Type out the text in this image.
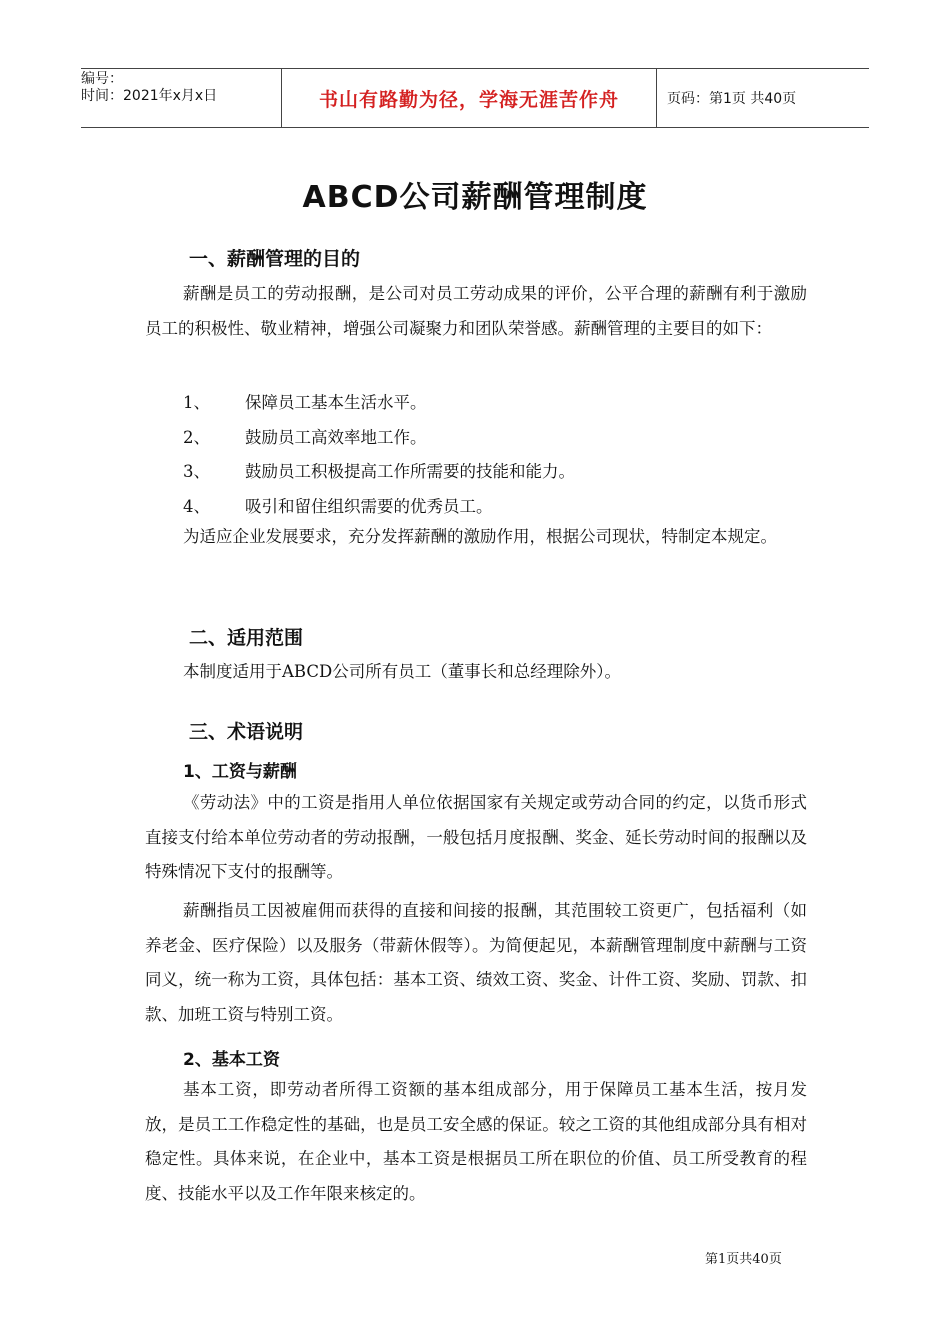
编号：
时间：2021年x月x日	书山有路勤为径，学海无涯苦作舟	页码：第1页 共40页
ABCD公司薪酬管理制度
一、薪酬管理的目的

薪酬是员工的劳动报酬，是公司对员工劳动成果的评价，公平合理的薪酬有利于激励员工的积极性、敬业精神，增强公司凝聚力和团队荣誉感。薪酬管理的主要目的如下：

1、 保障员工基本生活水平。
2、 鼓励员工高效率地工作。
3、 鼓励员工积极提高工作所需要的技能和能力。
4、 吸引和留住组织需要的优秀员工。

为适应企业发展要求，充分发挥薪酬的激励作用，根据公司现状，特制定本规定。

二、适用范围

本制度适用于ABCD公司所有员工（董事长和总经理除外）。

三、术语说明
1、工资与薪酬

《劳动法》中的工资是指用人单位依据国家有关规定或劳动合同的约定，以货币形式直接支付给本单位劳动者的劳动报酬，一般包括月度报酬、奖金、延长劳动时间的报酬以及特殊情况下支付的报酬等。

薪酬指员工因被雇佣而获得的直接和间接的报酬，其范围较工资更广，包括福利（如养老金、医疗保险）以及服务（带薪休假等）。为简便起见，本薪酬管理制度中薪酬与工资同义，统一称为工资，具体包括：基本工资、绩效工资、奖金、计件工资、奖励、罚款、扣款、加班工资与特别工资。

2、基本工资

基本工资，即劳动者所得工资额的基本组成部分，用于保障员工基本生活，按月发放，是员工工作稳定性的基础，也是员工安全感的保证。较之工资的其他组成部分具有相对稳定性。具体来说，在企业中，基本工资是根据员工所在职位的价值、员工所受教育的程度、技能水平以及工作年限来核定的。

第1页共40页
